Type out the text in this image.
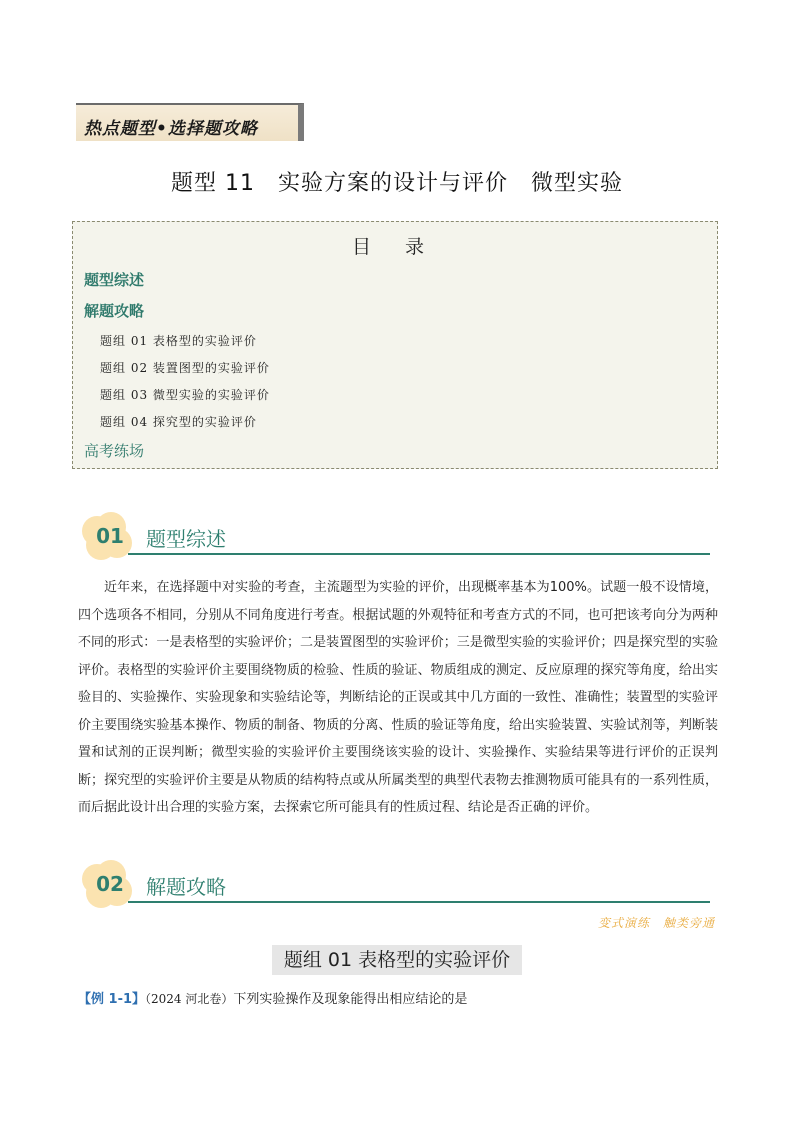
热点题型•选择题攻略
题型 11　实验方案的设计与评价　微型实验
目 录
题型综述
解题攻略
题组 01 表格型的实验评价
题组 02 装置图型的实验评价
题组 03 微型实验的实验评价
题组 04 探究型的实验评价
高考练场
01	题型综述

近年来，在选择题中对实验的考查，主流题型为实验的评价，出现概率基本为100%。试题一般不设情境，四个选项各不相同，分别从不同角度进行考查。根据试题的外观特征和考查方式的不同，也可把该考向分为两种不同的形式：一是表格型的实验评价；二是装置图型的实验评价；三是微型实验的实验评价；四是探究型的实验评价。表格型的实验评价主要围绕物质的检验、性质的验证、物质组成的测定、反应原理的探究等角度，给出实验目的、实验操作、实验现象和实验结论等，判断结论的正误或其中几方面的一致性、准确性；装置型的实验评价主要围绕实验基本操作、物质的制备、物质的分离、性质的验证等角度，给出实验装置、实验试剂等，判断装置和试剂的正误判断；微型实验的实验评价主要围绕该实验的设计、实验操作、实验结果等进行评价的正误判断；探究型的实验评价主要是从物质的结构特点或从所属类型的典型代表物去推测物质可能具有的一系列性质，而后据此设计出合理的实验方案，去探索它所可能具有的性质过程、结论是否正确的评价。

02	解题攻略
变式演练　触类旁通
题组 01 表格型的实验评价
【例 1-1】（2024 河北卷）下列实验操作及现象能得出相应结论的是
